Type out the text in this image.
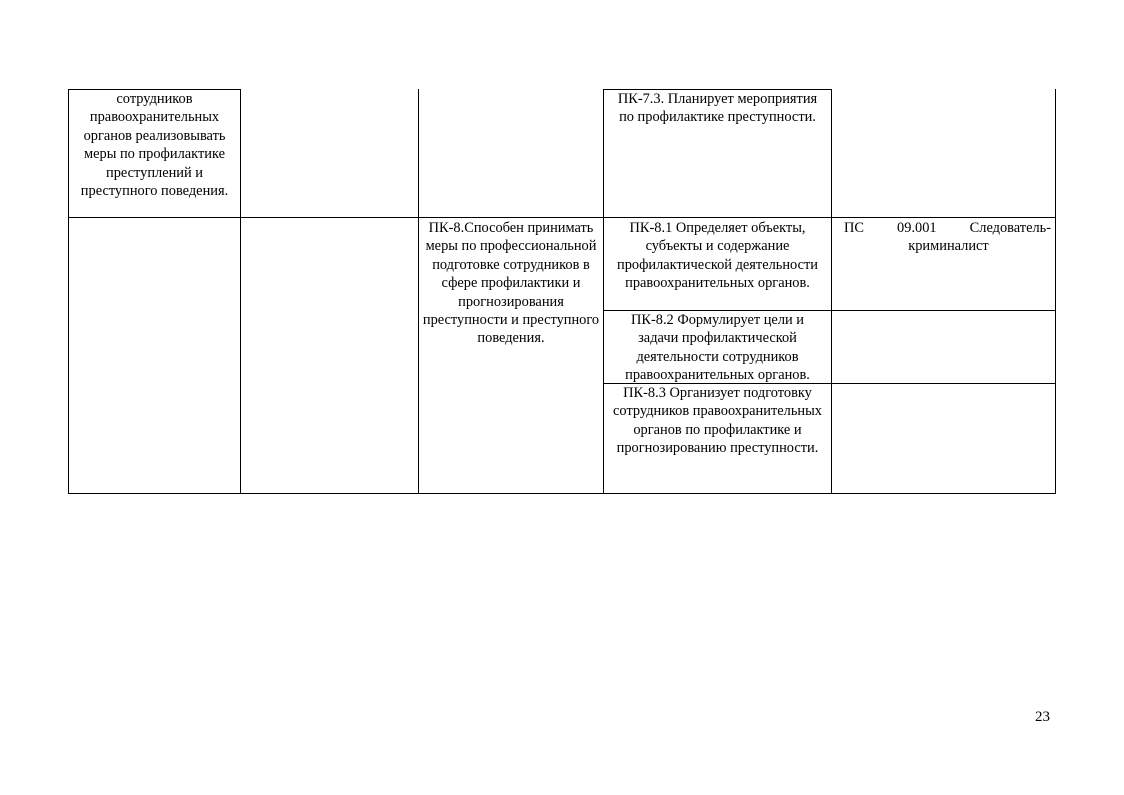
сотрудников правоохранительных органов реализовывать меры по профилактике преступлений и преступного поведения.
ПК-7.3. Планирует мероприятия по профилактике преступности.
ПК-8.Способен принимать меры по профессиональной подготовке сотрудников в сфере профилактики и прогнозирования преступности и преступного поведения.
ПК-8.1 Определяет объекты, субъекты и содержание профилактической деятельности правоохранительных органов.
ПК-8.2 Формулирует цели и задачи профилактической деятельности сотрудников правоохранительных органов.
ПК-8.3 Организует подготовку сотрудников правоохранительных органов по профилактике и прогнозированию преступности.
ПС 09.001 Следователь-
криминалист
23
